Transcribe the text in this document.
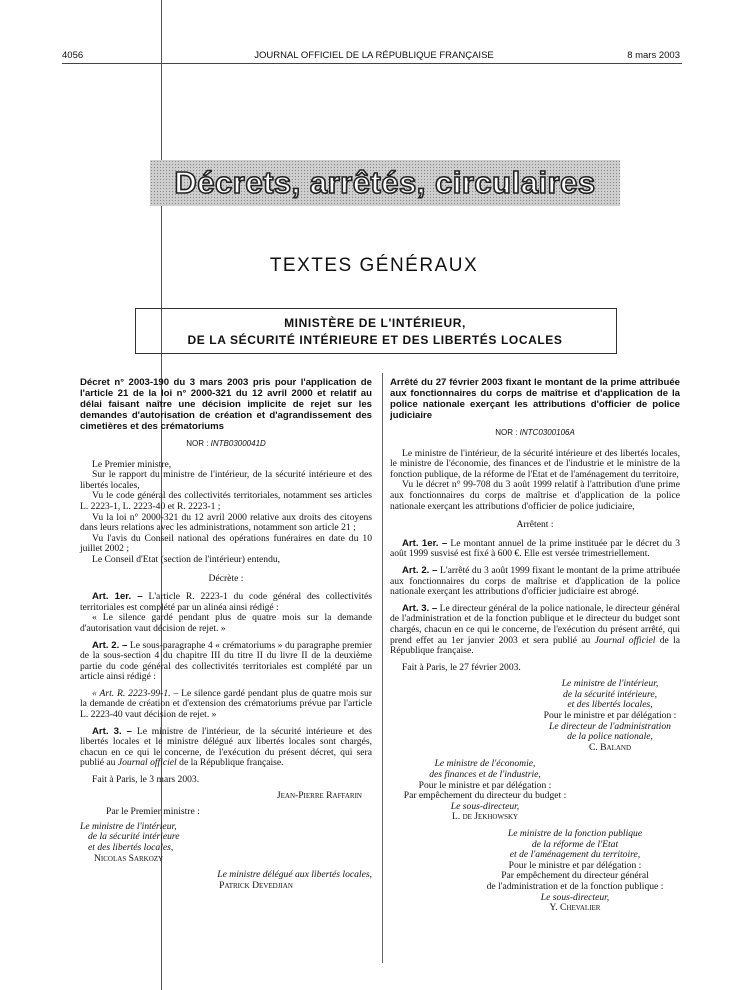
4056	JOURNAL OFFICIEL DE LA RÉPUBLIQUE FRANÇAISE	8 mars 2003
Décrets, arrêtés, circulaires
TEXTES GÉNÉRAUX
MINISTÈRE DE L'INTÉRIEUR,
DE LA SÉCURITÉ INTÉRIEURE ET DES LIBERTÉS LOCALES

Décret n° 2003-190 du 3 mars 2003 pris pour l'application de l'article 21 de la loi n° 2000-321 du 12 avril 2000 et relatif au délai faisant naître une décision implicite de rejet sur les demandes d'autorisation de création et d'agrandissement des cimetières et des crématoriums

NOR : INTB0300041D

Le Premier ministre,

Sur le rapport du ministre de l'intérieur, de la sécurité intérieure et des libertés locales,

Vu le code général des collectivités territoriales, notamment ses articles L. 2223-1, L. 2223-40 et R. 2223-1 ;

Vu la loi n° 2000-321 du 12 avril 2000 relative aux droits des citoyens dans leurs relations avec les administrations, notamment son article 21 ;

Vu l'avis du Conseil national des opérations funéraires en date du 10 juillet 2002 ;

Le Conseil d'Etat (section de l'intérieur) entendu,

Décrète :

Art. 1er. – L'article R. 2223-1 du code général des collectivités territoriales est complété par un alinéa ainsi rédigé :

« Le silence gardé pendant plus de quatre mois sur la demande d'autorisation vaut décision de rejet. »

Art. 2. – Le sous-paragraphe 4 « crématoriums » du paragraphe premier de la sous-section 4 du chapitre III du titre II du livre II de la deuxième partie du code général des collectivités territoriales est complété par un article ainsi rédigé :

« Art. R. 2223-99-1. – Le silence gardé pendant plus de quatre mois sur la demande de création et d'extension des crématoriums prévue par l'article L. 2223-40 vaut décision de rejet. »

Art. 3. – Le ministre de l'intérieur, de la sécurité intérieure et des libertés locales et le ministre délégué aux libertés locales sont chargés, chacun en ce qui le concerne, de l'exécution du présent décret, qui sera publié au Journal officiel de la République française.

Fait à Paris, le 3 mars 2003.

Jean-Pierre Raffarin

Par le Premier ministre :

Le ministre de l'intérieur,
de la sécurité intérieure
et des libertés locales,
Nicolas Sarkozy

Le ministre délégué aux libertés locales,
Patrick Devedjian

Arrêté du 27 février 2003 fixant le montant de la prime attribuée aux fonctionnaires du corps de maîtrise et d'application de la police nationale exerçant les attributions d'officier de police judiciaire

NOR : INTC0300106A

Le ministre de l'intérieur, de la sécurité intérieure et des libertés locales, le ministre de l'économie, des finances et de l'industrie et le ministre de la fonction publique, de la réforme de l'Etat et de l'aménagement du territoire,

Vu le décret n° 99-708 du 3 août 1999 relatif à l'attribution d'une prime aux fonctionnaires du corps de maîtrise et d'application de la police nationale exerçant les attributions d'officier de police judiciaire,

Arrêtent :

Art. 1er. – Le montant annuel de la prime instituée par le décret du 3 août 1999 susvisé est fixé à 600 €. Elle est versée trimestriellement.

Art. 2. – L'arrêté du 3 août 1999 fixant le montant de la prime attribuée aux fonctionnaires du corps de maîtrise et d'application de la police nationale exerçant les attributions d'officier judiciaire est abrogé.

Art. 3. – Le directeur général de la police nationale, le directeur général de l'administration et de la fonction publique et le directeur du budget sont chargés, chacun en ce qui le concerne, de l'exécution du présent arrêté, qui prend effet au 1er janvier 2003 et sera publié au Journal officiel de la République française.

Fait à Paris, le 27 février 2003.

Le ministre de l'intérieur,
de la sécurité intérieure,
et des libertés locales,
Pour le ministre et par délégation :
Le directeur de l'administration
de la police nationale,
C. Baland
Le ministre de l'économie,
des finances et de l'industrie,
Pour le ministre et par délégation :
Par empêchement du directeur du budget :
Le sous-directeur,
L. de Jekhowsky
Le ministre de la fonction publique
de la réforme de l'Etat
et de l'aménagement du territoire,
Pour le ministre et par délégation :
Par empêchement du directeur général
de l'administration et de la fonction publique :
Le sous-directeur,
Y. Chevalier
